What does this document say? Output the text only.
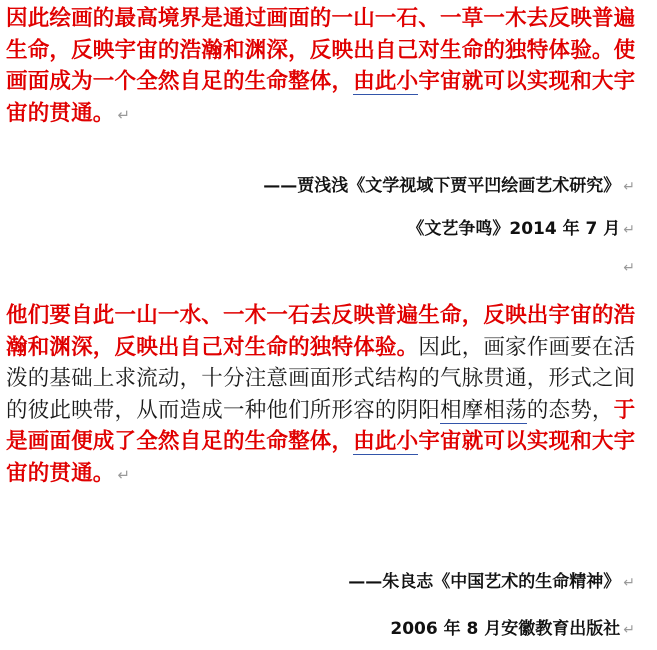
因此绘画的最高境界是通过画面的一山一石、一草一木去反映普遍生命，反映宇宙的浩瀚和渊深，反映出自己对生命的独特体验。使画面成为一个全然自足的生命整体，由此小宇宙就可以实现和大宇宙的贯通。 ↵
——贾浅浅《文学视域下贾平凹绘画艺术研究》 ↵
《文艺争鸣》2014 年 7 月 ↵
↵
他们要自此一山一水、一木一石去反映普遍生命，反映出宇宙的浩瀚和渊深，反映出自己对生命的独特体验。因此，画家作画要在活泼的基础上求流动，十分注意画面形式结构的气脉贯通，形式之间的彼此映带，从而造成一种他们所形容的阴阳相摩相荡的态势，于是画面便成了全然自足的生命整体，由此小宇宙就可以实现和大宇宙的贯通。 ↵
——朱良志《中国艺术的生命精神》 ↵
2006 年 8 月安徽教育出版社 ↵
